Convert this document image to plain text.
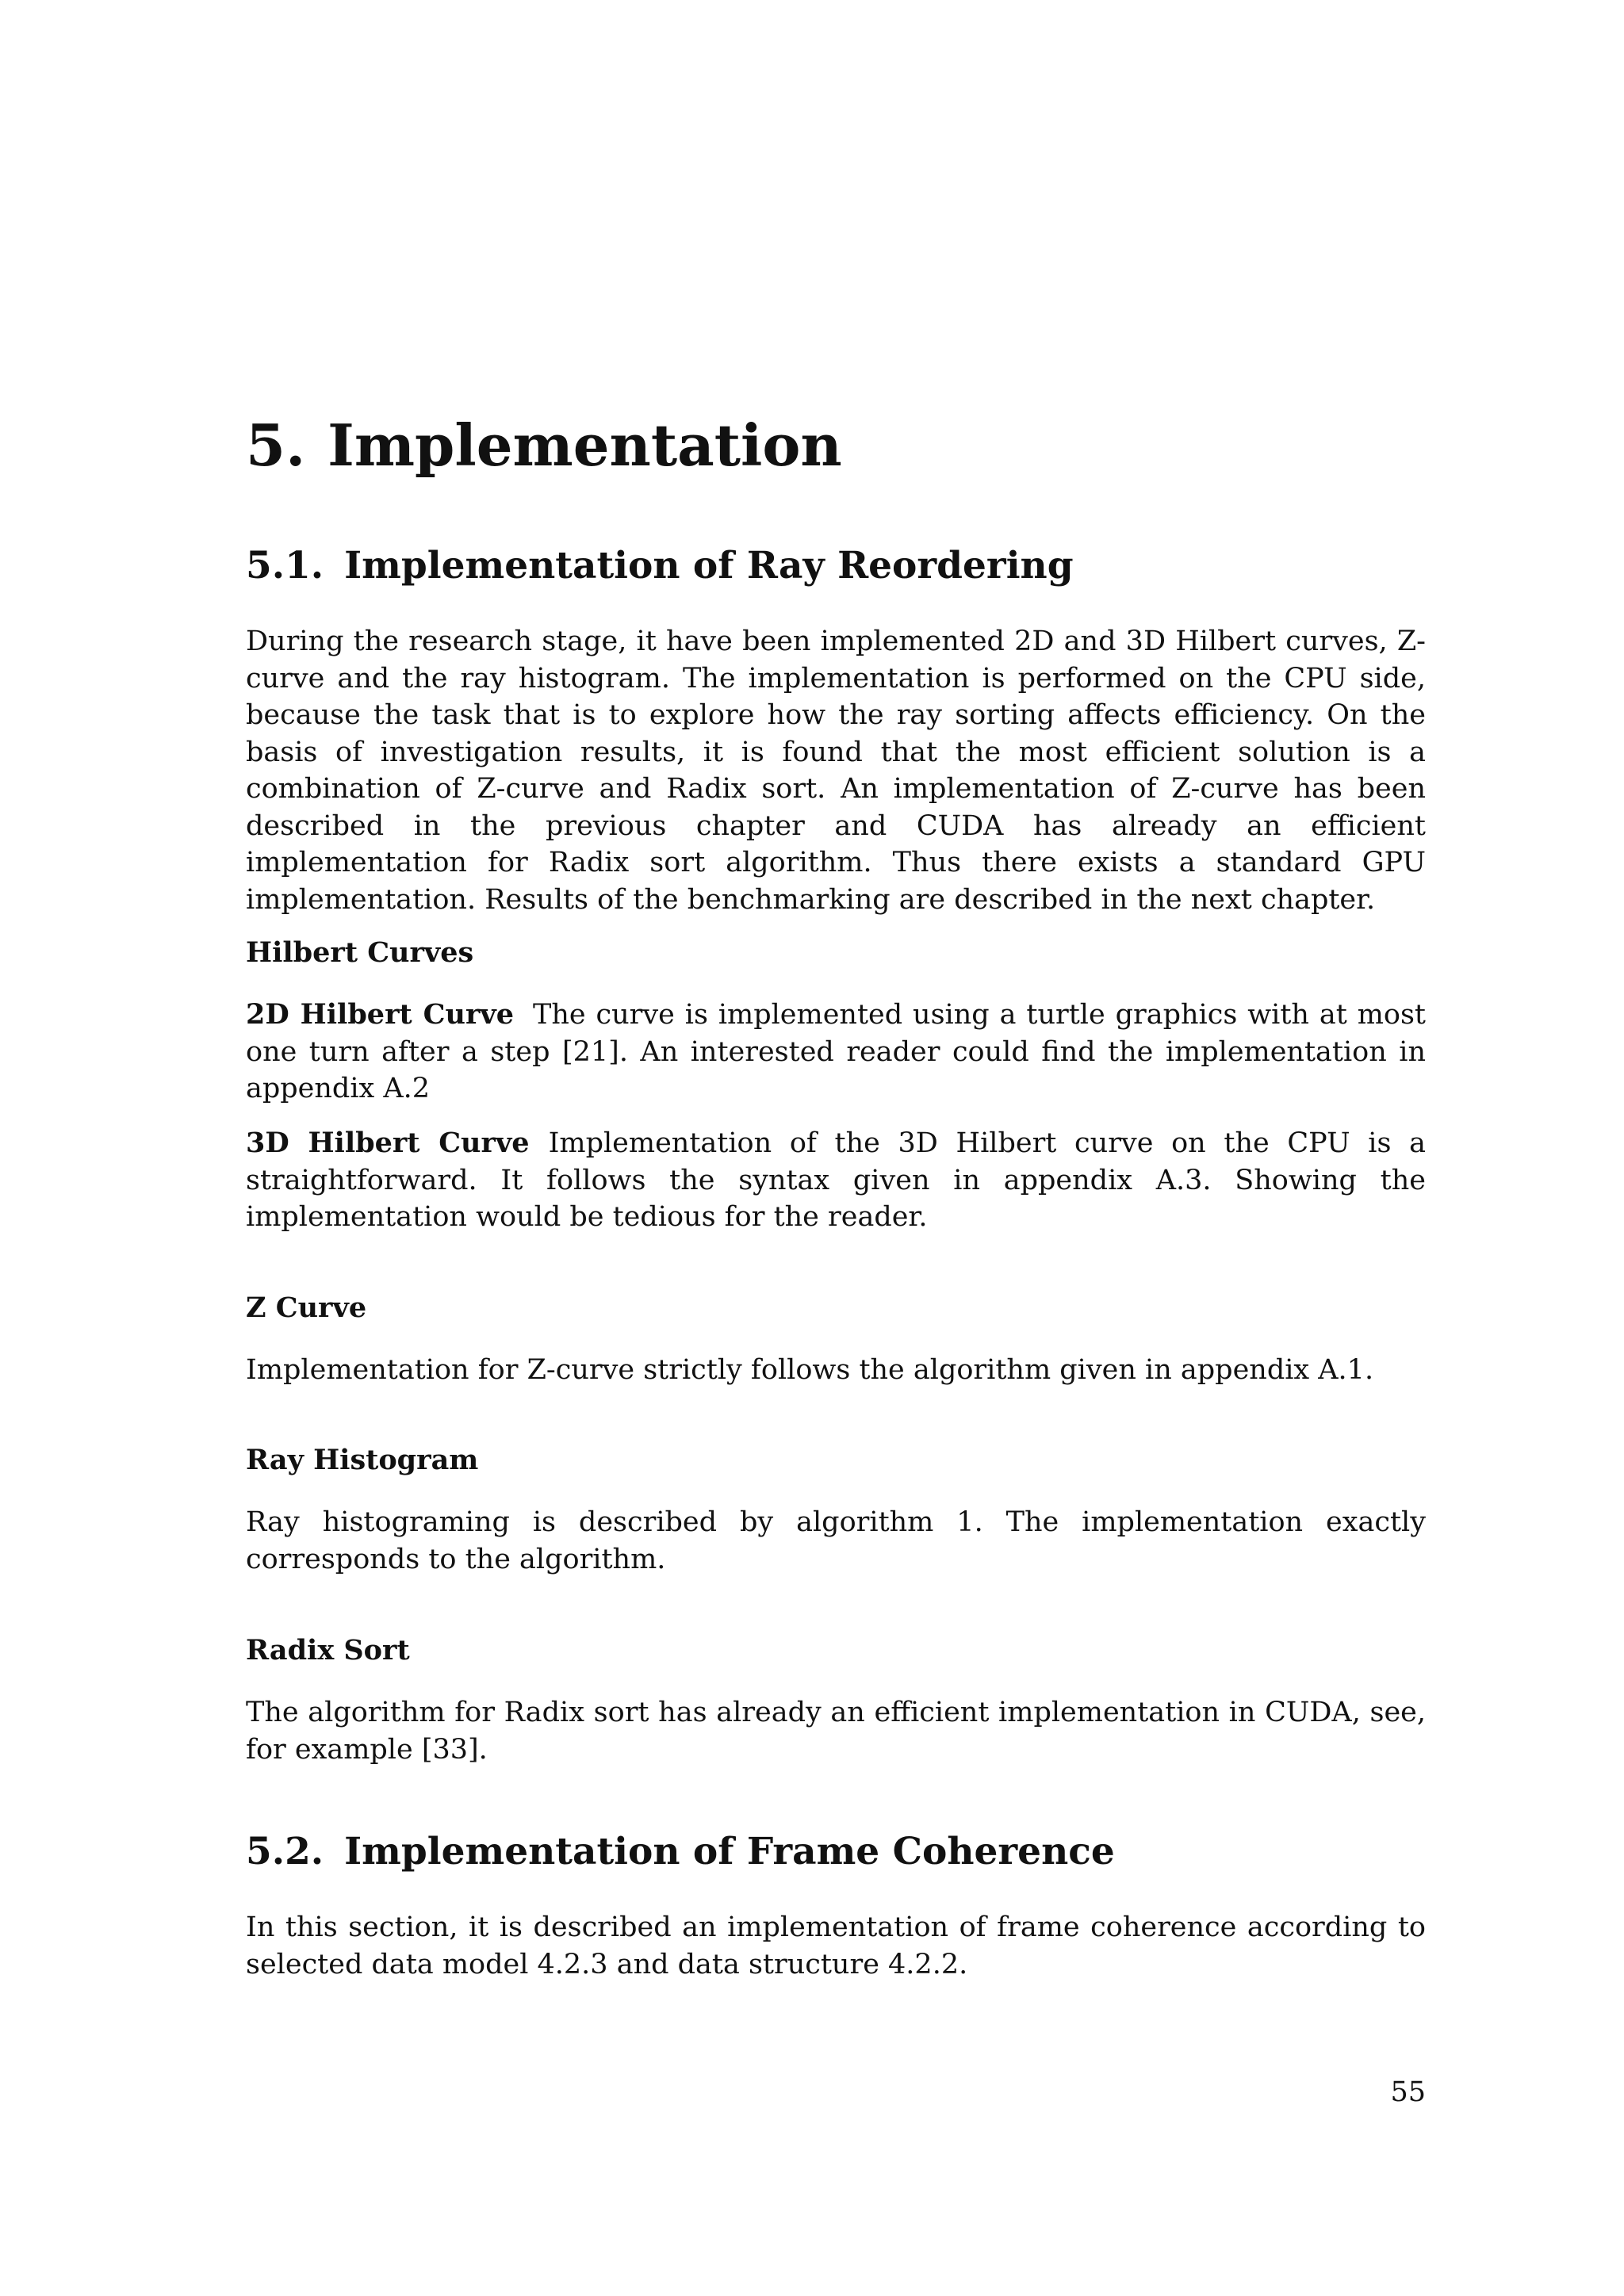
5. Implementation
5.1. Implementation of Ray Reordering

During the research stage, it have been implemented 2D and 3D Hilbert curves, Z-curve and the ray histogram. The implementation is performed on the CPU side, because the task that is to explore how the ray sorting affects efficiency. On the basis of investigation results, it is found that the most efficient solution is a combination of Z-curve and Radix sort. An implementation of Z-curve has been described in the previous chapter and CUDA has already an efficient implementation for Radix sort algorithm. Thus there exists a standard GPU implementation. Results of the benchmarking are described in the next chapter.

Hilbert Curves

2D Hilbert Curve The curve is implemented using a turtle graphics with at most one turn after a step [21]. An interested reader could find the implementation in appendix A.2

3D Hilbert Curve Implementation of the 3D Hilbert curve on the CPU is a straightforward. It follows the syntax given in appendix A.3. Showing the implementation would be tedious for the reader.

Z Curve

Implementation for Z-curve strictly follows the algorithm given in appendix A.1.

Ray Histogram

Ray histograming is described by algorithm 1. The implementation exactly corresponds to the algorithm.

Radix Sort

The algorithm for Radix sort has already an efficient implementation in CUDA, see, for example [33].

5.2. Implementation of Frame Coherence

In this section, it is described an implementation of frame coherence according to selected data model 4.2.3 and data structure 4.2.2.

55
